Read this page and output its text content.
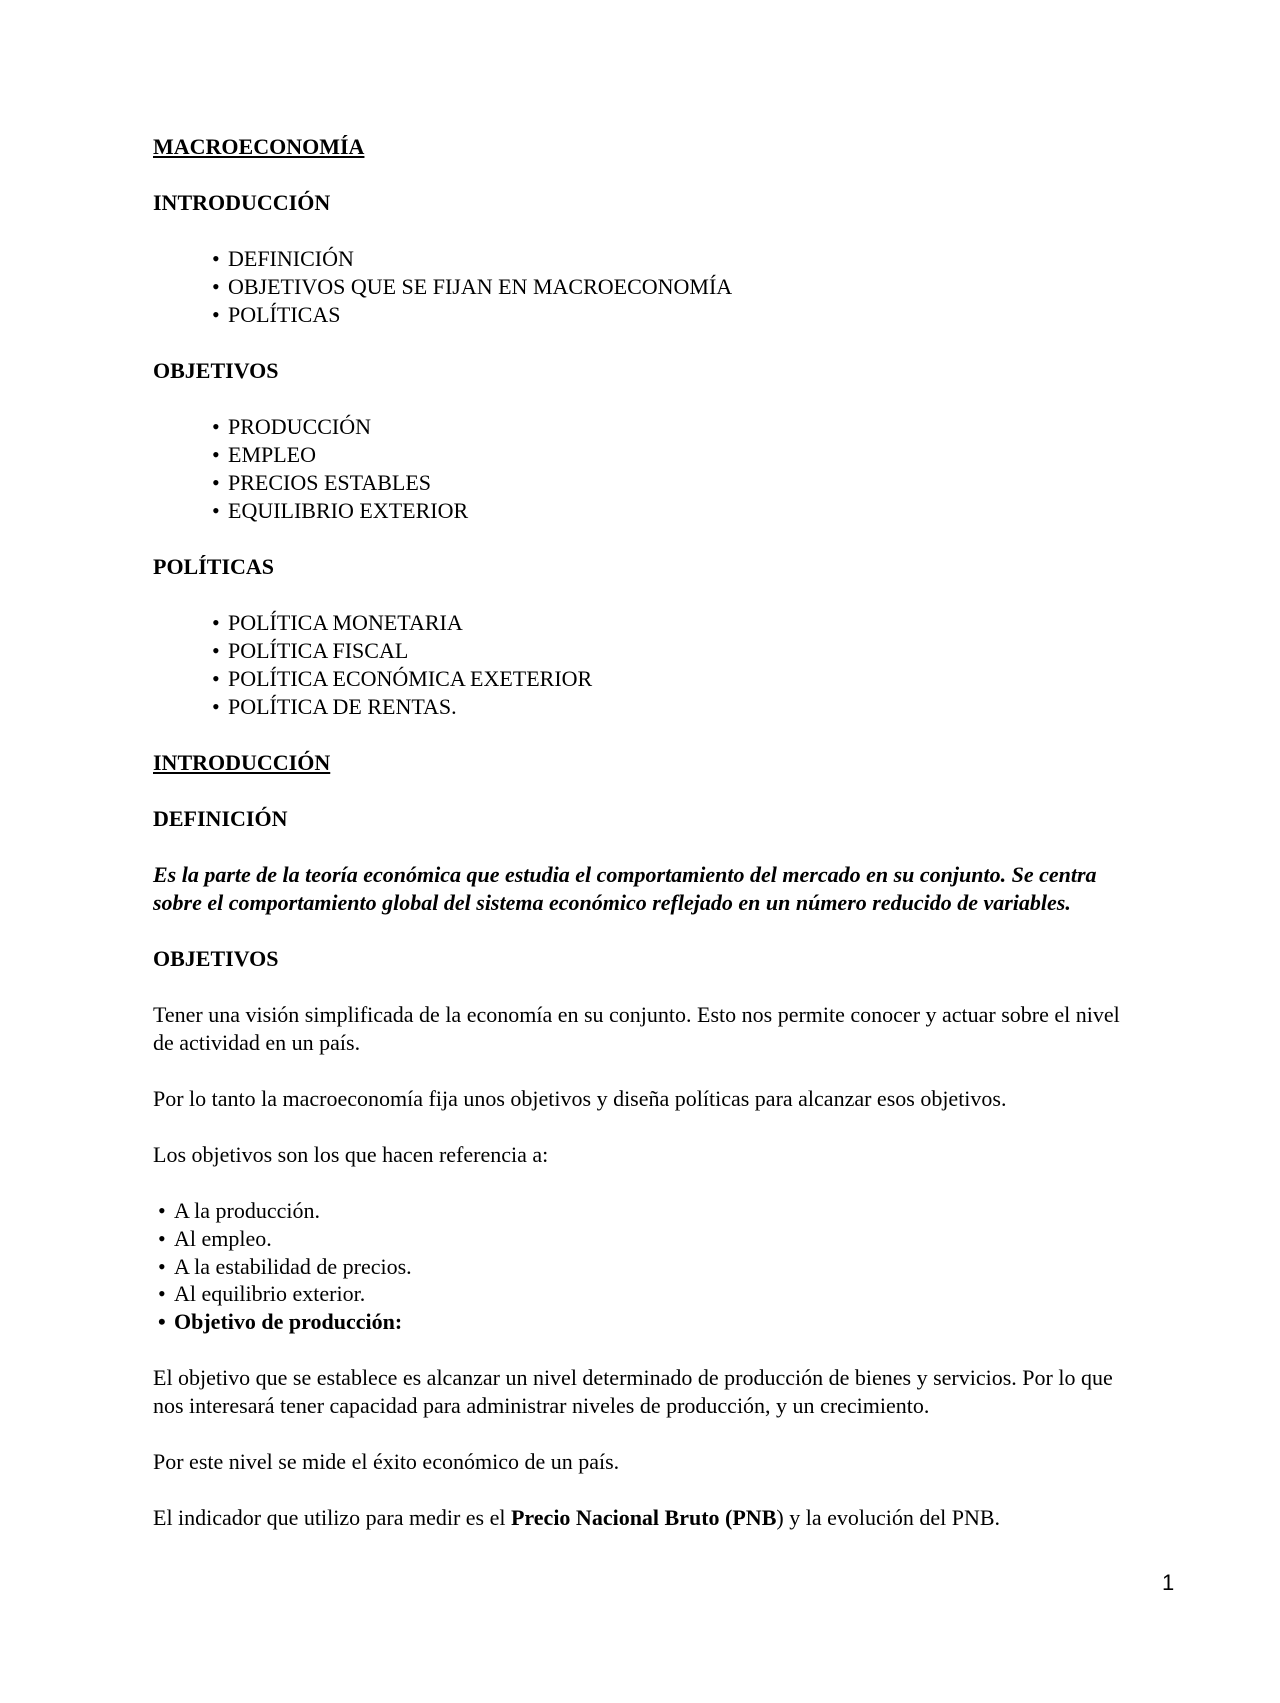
MACROECONOMÍA
INTRODUCCIÓN
• DEFINICIÓN
• OBJETIVOS QUE SE FIJAN EN MACROECONOMÍA
• POLÍTICAS
OBJETIVOS
• PRODUCCIÓN
• EMPLEO
• PRECIOS ESTABLES
• EQUILIBRIO EXTERIOR
POLÍTICAS
• POLÍTICA MONETARIA
• POLÍTICA FISCAL
• POLÍTICA ECONÓMICA EXETERIOR
• POLÍTICA DE RENTAS.
INTRODUCCIÓN
DEFINICIÓN
Es la parte de la teoría económica que estudia el comportamiento del mercado en su conjunto. Se centra
sobre el comportamiento global del sistema económico reflejado en un número reducido de variables.
OBJETIVOS
Tener una visión simplificada de la economía en su conjunto. Esto nos permite conocer y actuar sobre el nivel
de actividad en un país.
Por lo tanto la macroeconomía fija unos objetivos y diseña políticas para alcanzar esos objetivos.
Los objetivos son los que hacen referencia a:
• A la producción.
• Al empleo.
• A la estabilidad de precios.
• Al equilibrio exterior.
• Objetivo de producción:
El objetivo que se establece es alcanzar un nivel determinado de producción de bienes y servicios. Por lo que
nos interesará tener capacidad para administrar niveles de producción, y un crecimiento.
Por este nivel se mide el éxito económico de un país.
El indicador que utilizo para medir es el Precio Nacional Bruto (PNB) y la evolución del PNB.
1
